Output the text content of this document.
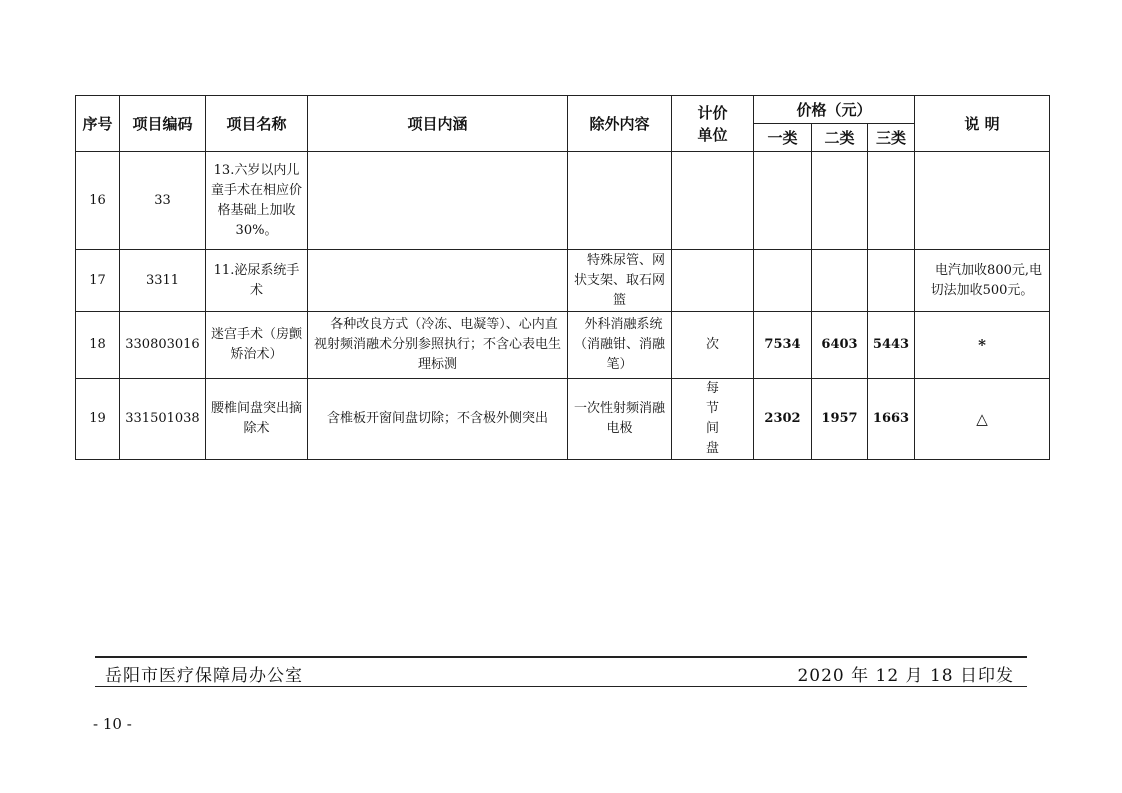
序号	项目编码	项目名称	项目内涵	除外内容	计价单位	价格（元）			说 明
						一类	二类	三类	
16	33	13.六岁以内儿童手术在相应价格基础上加收30%。							
17	3311	11.泌尿系统手术		特殊尿管、网状支架、取石网篮					电汽加收800元,电切法加收500元。
18	330803016	迷宫手术（房颤矫治术）	各种改良方式（冷冻、电凝等）、心内直视射频消融术分别参照执行；不含心表电生理标测	外科消融系统（消融钳、消融笔）	次	7534	6403	5443	*
19	331501038	腰椎间盘突出摘除术	含椎板开窗间盘切除；不含极外侧突出	一次性射频消融电极	每节间盘	2302	1957	1663	△
岳阳市医疗保障局办公室	2020 年 12 月 18 日印发
- 10 -
